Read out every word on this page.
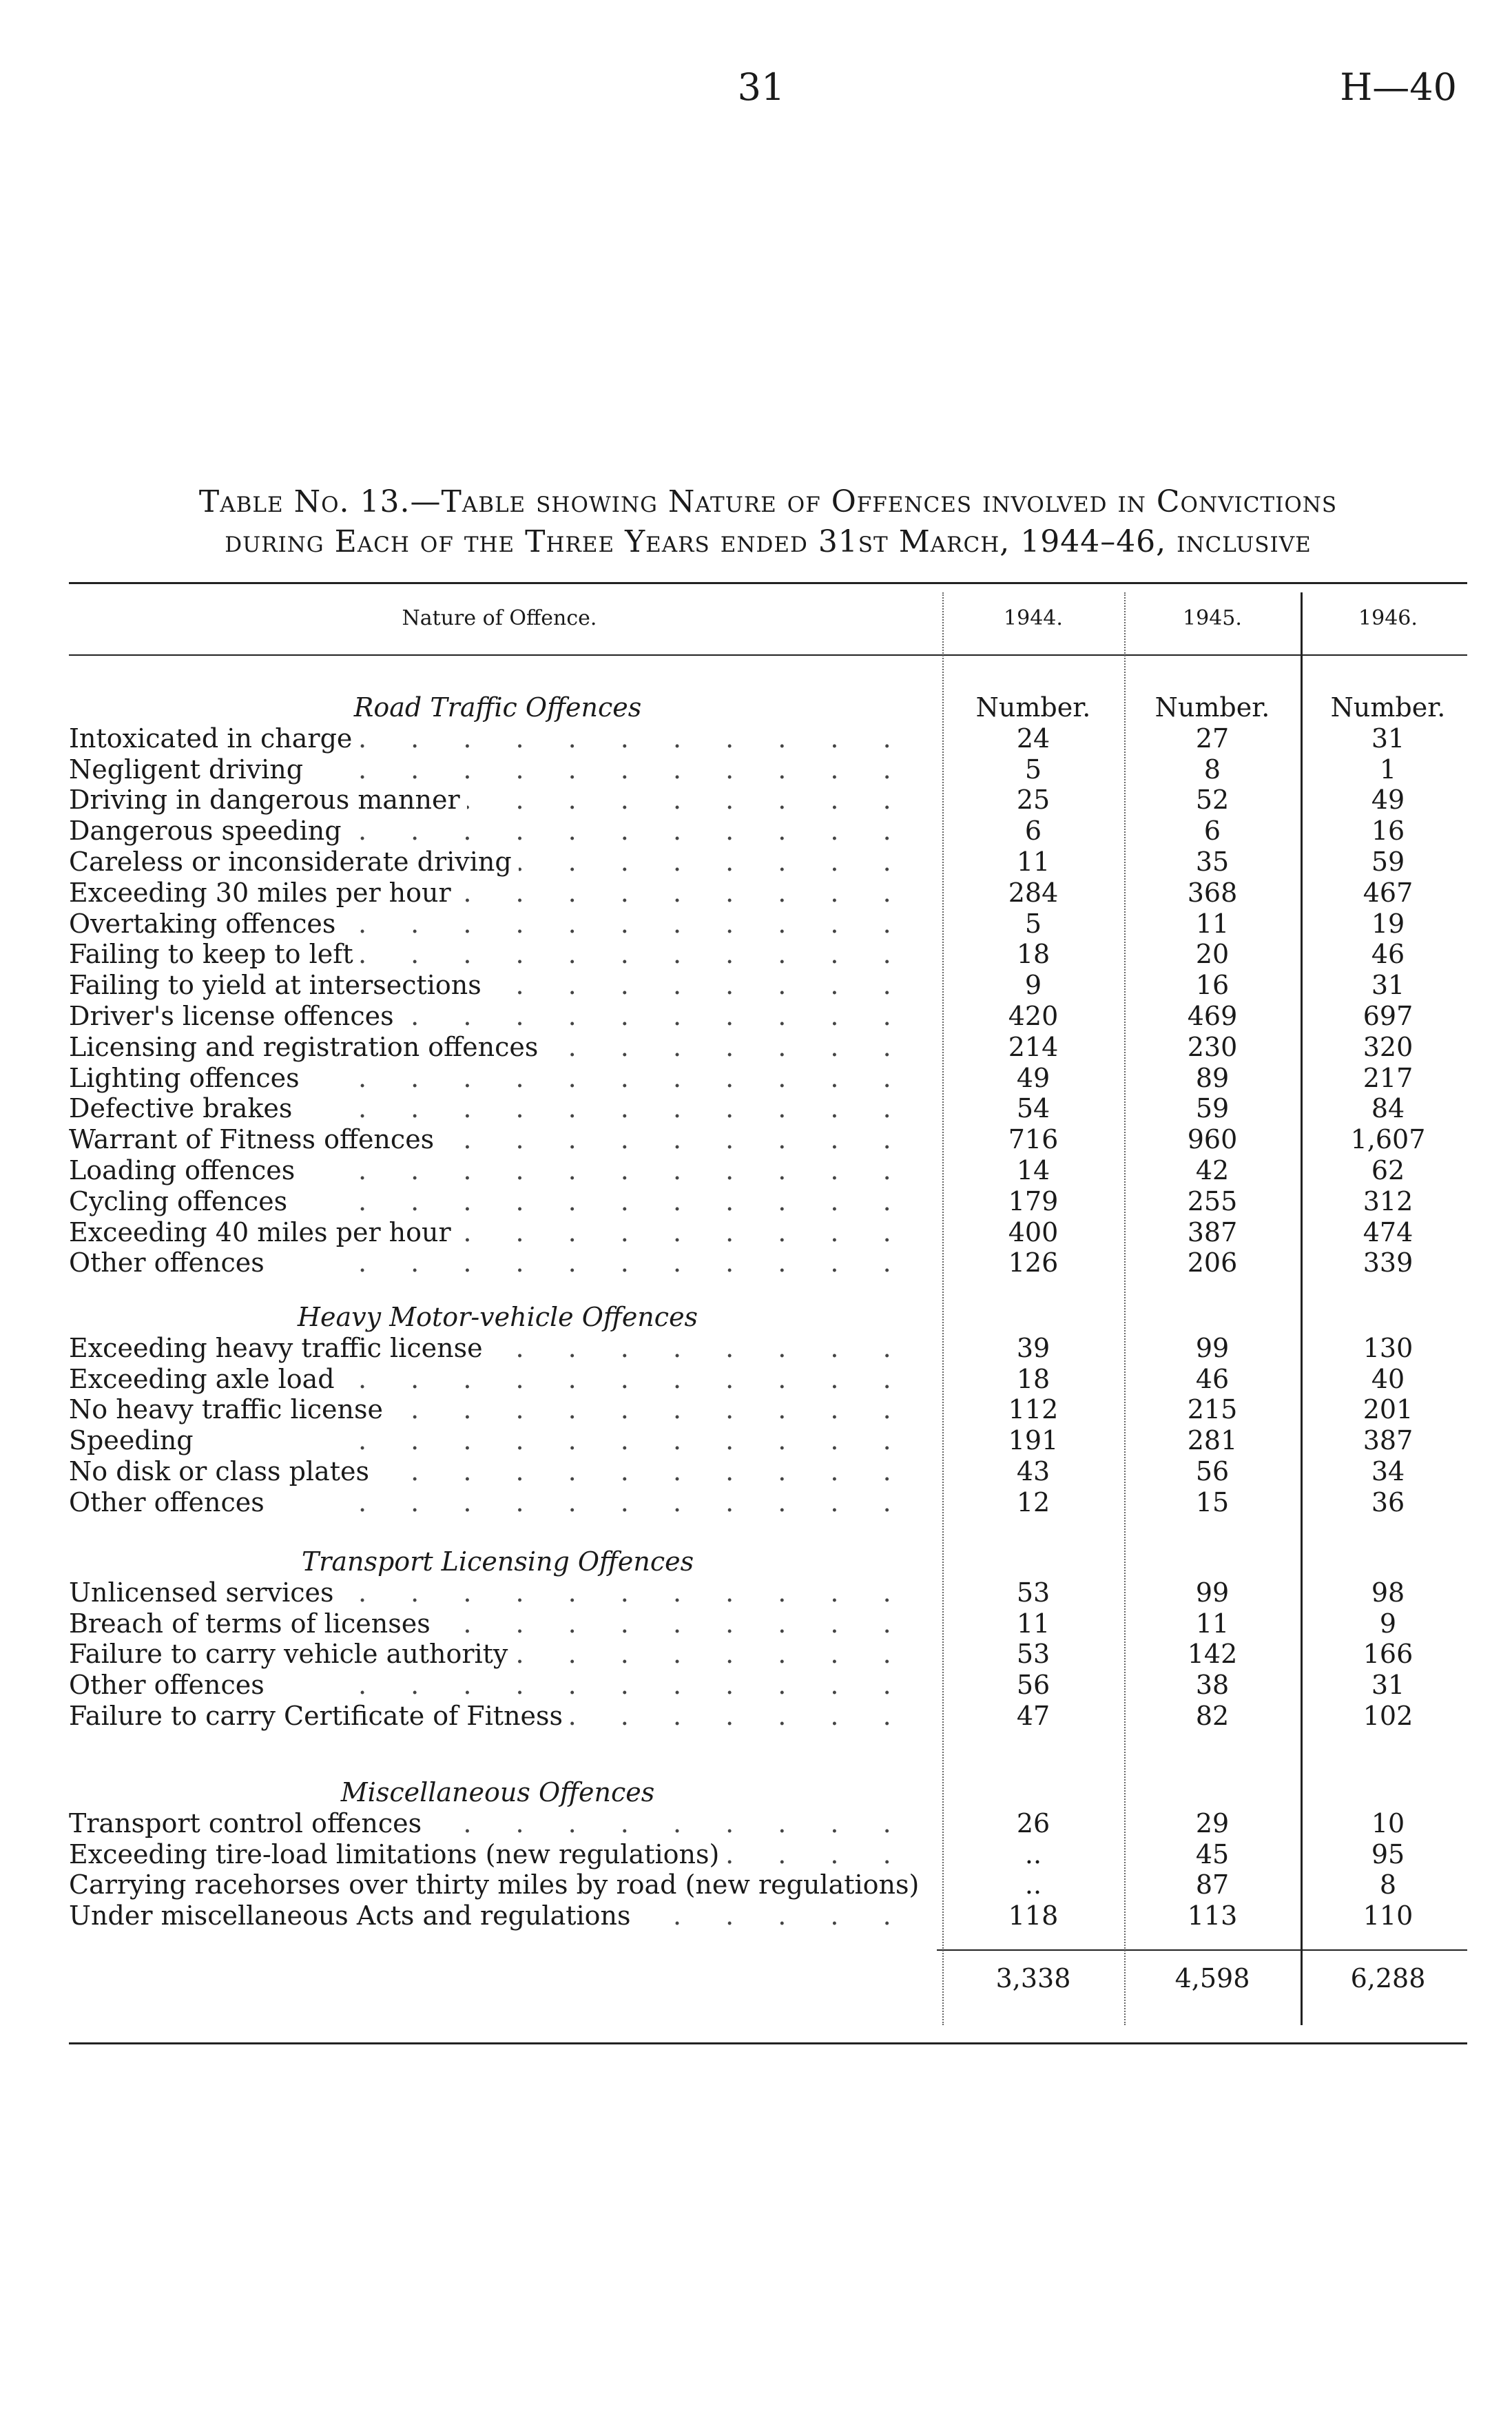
31	H—40
Table No. 13.—Table showing Nature of Offences involved in Convictions
during Each of the Three Years ended 31st March, 1944–46, inclusive
Nature of Offence.	1944.	1945.	1946.
Number.	Number.	Number.
Road Traffic Offences
Intoxicated in charge . . .	24	27	31
Negligent driving . . .	5	8	1
Driving in dangerous manner . . .	25	52	49
Dangerous speeding . . .	6	6	16
Careless or inconsiderate driving . . .	11	35	59
Exceeding 30 miles per hour . . .	284	368	467
Overtaking offences . . .	5	11	19
Failing to keep to left . . .	18	20	46
Failing to yield at intersections . . .	9	16	31
Driver's license offences . . .	420	469	697
Licensing and registration offences . . .	214	230	320
Lighting offences . . .	49	89	217
Defective brakes . . .	54	59	84
Warrant of Fitness offences . . .	716	960	1,607
Loading offences . . .	14	42	62
Cycling offences . . .	179	255	312
Exceeding 40 miles per hour . . .	400	387	474
Other offences . . .	126	206	339
Heavy Motor-vehicle Offences
Exceeding heavy traffic license . . .	39	99	130
Exceeding axle load . . .	18	46	40
No heavy traffic license . . .	112	215	201
Speeding . . .	191	281	387
No disk or class plates . . .	43	56	34
Other offences . . .	12	15	36
Transport Licensing Offences
Unlicensed services . . .	53	99	98
Breach of terms of licenses . . .	11	11	9
Failure to carry vehicle authority . . .	53	142	166
Other offences . . .	56	38	31
Failure to carry Certificate of Fitness . . .	47	82	102
Miscellaneous Offences
Transport control offences . . .	26	29	10
Exceeding tire-load limitations (new regulations) . . .	..	45	95
Carrying racehorses over thirty miles by road (new regulations) . . .	..	87	8
Under miscellaneous Acts and regulations . . .	118	113	110
3,338	4,598	6,288
